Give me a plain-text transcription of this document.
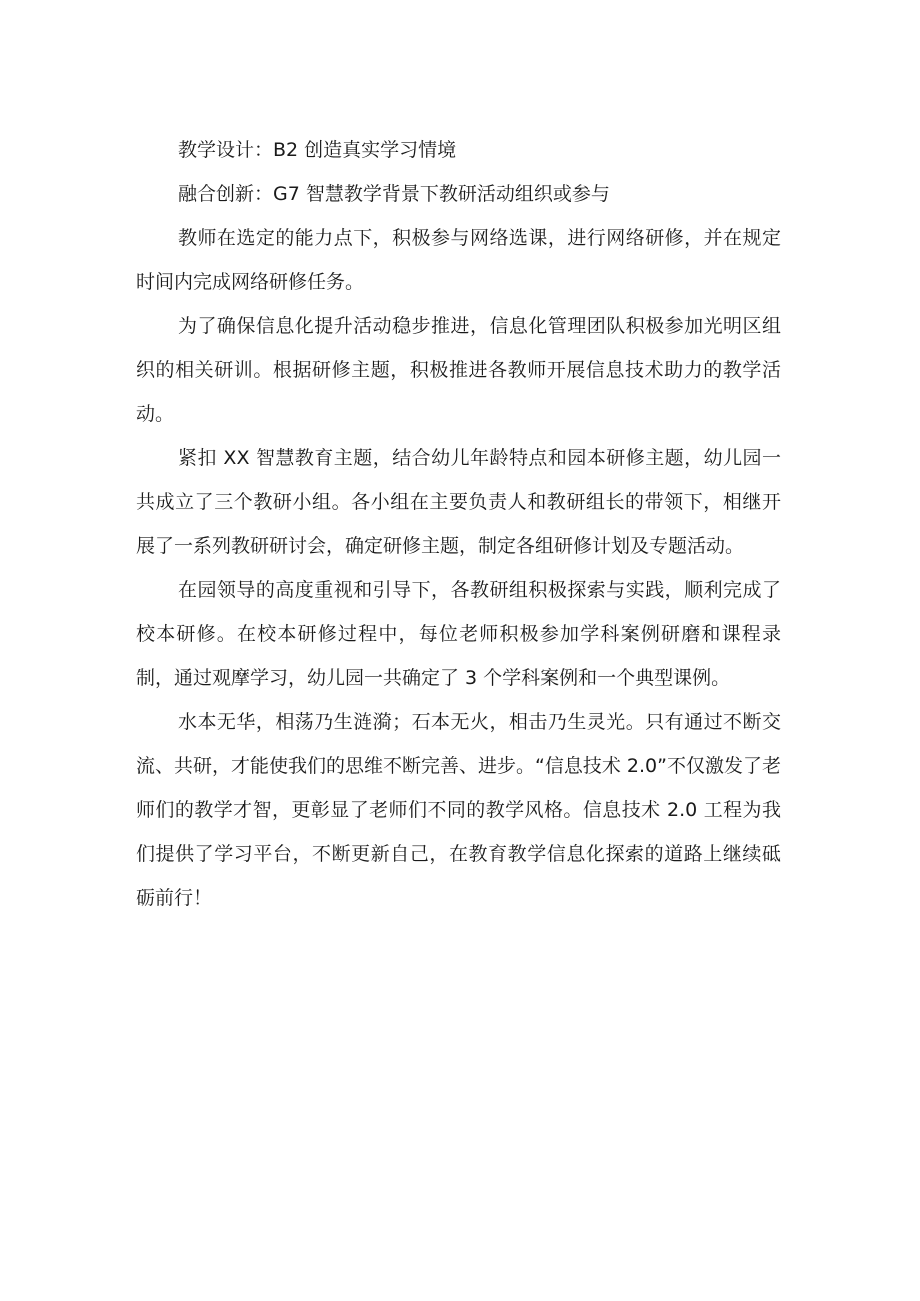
教学设计：B2 创造真实学习情境

融合创新：G7 智慧教学背景下教研活动组织或参与

教师在选定的能力点下，积极参与网络选课，进行网络研修，并在规定时间内完成网络研修任务。

为了确保信息化提升活动稳步推进，信息化管理团队积极参加光明区组织的相关研训。根据研修主题，积极推进各教师开展信息技术助力的教学活动。

紧扣 XX 智慧教育主题，结合幼儿年龄特点和园本研修主题，幼儿园一共成立了三个教研小组。各小组在主要负责人和教研组长的带领下，相继开展了一系列教研研讨会，确定研修主题，制定各组研修计划及专题活动。

在园领导的高度重视和引导下，各教研组积极探索与实践，顺利完成了校本研修。在校本研修过程中，每位老师积极参加学科案例研磨和课程录制，通过观摩学习，幼儿园一共确定了 3 个学科案例和一个典型课例。

水本无华，相荡乃生涟漪；石本无火，相击乃生灵光。只有通过不断交流、共研，才能使我们的思维不断完善、进步。“信息技术 2.0”不仅激发了老师们的教学才智，更彰显了老师们不同的教学风格。信息技术 2.0 工程为我们提供了学习平台，不断更新自己，在教育教学信息化探索的道路上继续砥砺前行！
